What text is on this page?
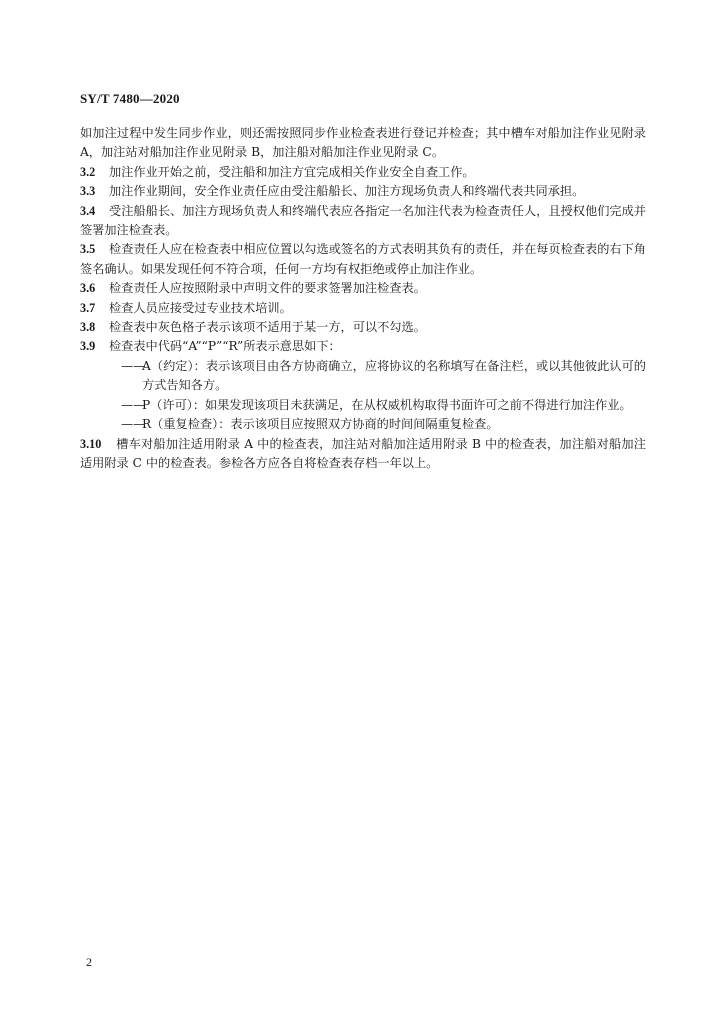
SY/T 7480—2020

如加注过程中发生同步作业，则还需按照同步作业检查表进行登记并检查；其中槽车对船加注作业见附录 A，加注站对船加注作业见附录 B，加注船对船加注作业见附录 C。

3.2 加注作业开始之前，受注船和加注方宜完成相关作业安全自查工作。

3.3 加注作业期间，安全作业责任应由受注船船长、加注方现场负责人和终端代表共同承担。

3.4 受注船船长、加注方现场负责人和终端代表应各指定一名加注代表为检查责任人，且授权他们完成并签署加注检查表。

3.5 检查责任人应在检查表中相应位置以勾选或签名的方式表明其负有的责任，并在每页检查表的右下角签名确认。如果发现任何不符合项，任何一方均有权拒绝或停止加注作业。

3.6 检查责任人应按照附录中声明文件的要求签署加注检查表。

3.7 检查人员应接受过专业技术培训。

3.8 检查表中灰色格子表示该项不适用于某一方，可以不勾选。

3.9 检查表中代码“A”“P”“R”所表示意思如下：

——A（约定）：表示该项目由各方协商确立，应将协议的名称填写在备注栏，或以其他彼此认可的方式告知各方。

——P（许可）：如果发现该项目未获满足，在从权威机构取得书面许可之前不得进行加注作业。

——R（重复检查）：表示该项目应按照双方协商的时间间隔重复检查。

3.10 槽车对船加注适用附录 A 中的检查表，加注站对船加注适用附录 B 中的检查表，加注船对船加注适用附录 C 中的检查表。参检各方应各自将检查表存档一年以上。

2
